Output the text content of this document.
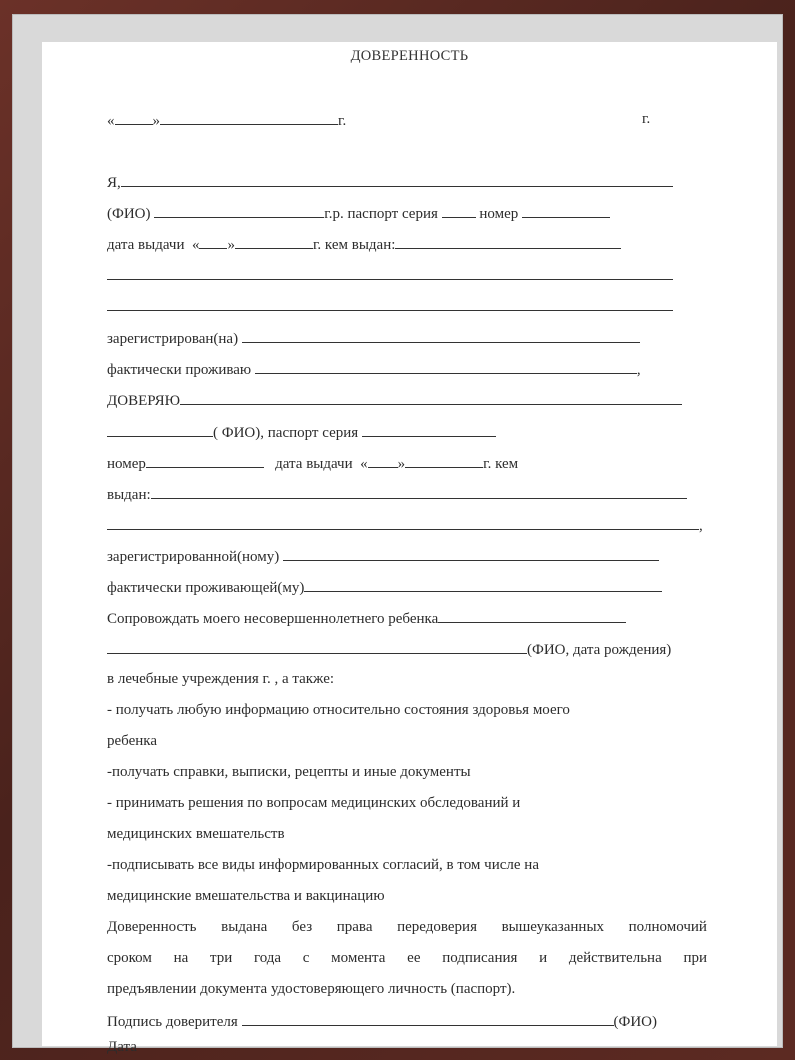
ДОВЕРЕННОСТЬ
«	»	г.	г.
Я,
(ФИО)	г.р. паспорт серия	номер
дата выдачи « »	г. кем выдан:
зарегистрирован(на)
фактически проживаю	,
ДОВЕРЯЮ
( ФИО), паспорт серия
номер	дата выдачи « »	г. кем
выдан:
,
зарегистрированной(ному)
фактически проживающей(му)
Сопровождать моего несовершеннолетнего ребенка
(ФИО, дата рождения)
в лечебные учреждения г. , а также:
- получать любую информацию относительно состояния здоровья моего
ребенка
-получать справки, выписки, рецепты и иные документы
- принимать решения по вопросам медицинских обследований и
медицинских вмешательств
-подписывать все виды информированных согласий, в том числе на
медицинские вмешательства и вакцинацию
Доверенность выдана без права передоверия вышеуказанных полномочий
сроком на три года с момента ее подписания и действительна при
предъявлении документа удостоверяющего личность (паспорт).
Подпись доверителя	(ФИО)
Дата
